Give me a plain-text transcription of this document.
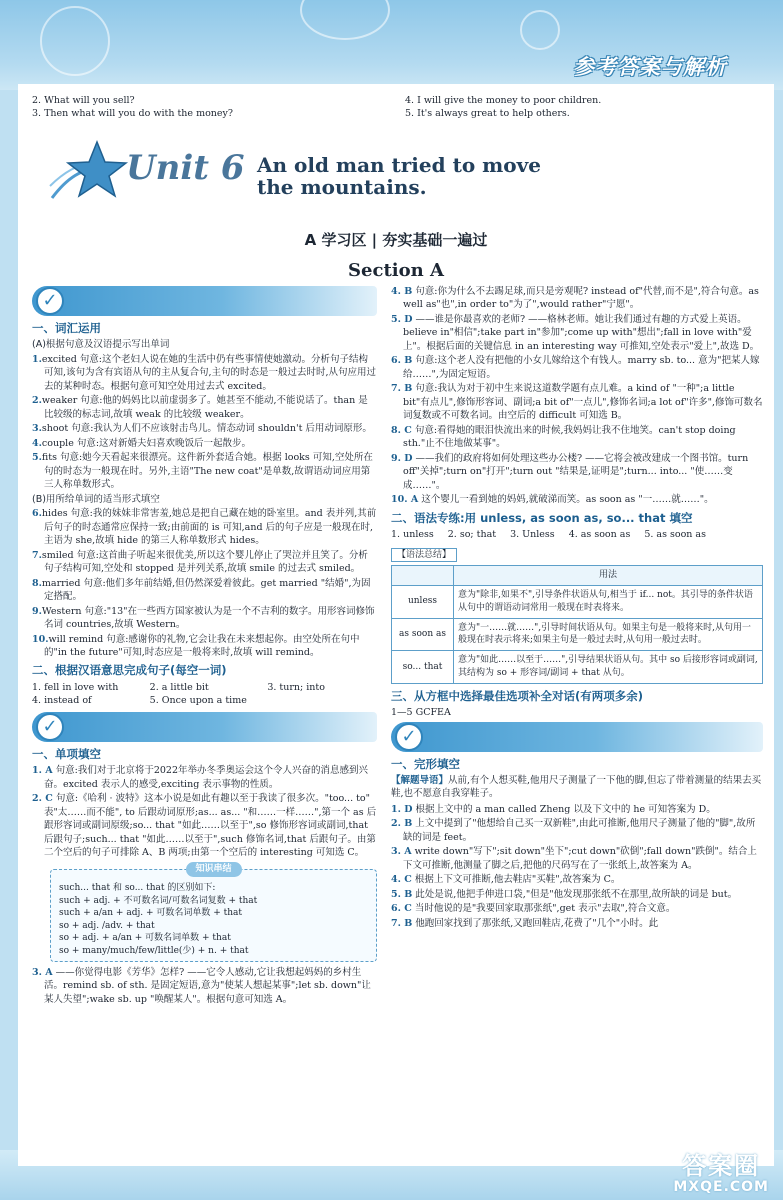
参考答案与解析
2. What will you sell?
3. Then what will you do with the money?
4. I will give the money to poor children.
5. It's always great to help others.
Unit 6 An old man tried to move
the mountains.
A 学习区 | 夯实基础一遍过
Section A
✓
一、词汇运用
(A)根据句意及汉语提示写出单词
1.excited 句意:这个老妇人说在她的生活中仍有些事情使她激动。分析句子结构可知,该句为含有宾语从句的主从复合句,主句的时态是一般过去时时,从句应用过去的某种时态。根据句意可知空处用过去式 excited。
2.weaker 句意:他的妈妈比以前虚弱多了。她甚至不能动,不能说话了。than 是比较级的标志词,故填 weak 的比较级 weaker。
3.shoot 句意:我认为人们不应该射击鸟儿。情态动词 shouldn't 后用动词原形。
4.couple 句意:这对新婚夫妇喜欢晚饭后一起散步。
5.fits 句意:她今天看起来很漂亮。这件新外套适合她。根据 looks 可知,空处所在句的时态为一般现在时。另外,主语"The new coat"是单数,故谓语动词应用第三人称单数形式。
(B)用所给单词的适当形式填空
6.hides 句意:我的妹妹非常害羞,她总是把自己藏在她的卧室里。and 表并列,其前后句子的时态通常应保持一致;由前面的 is 可知,and 后的句子应是一般现在时,主语为 she,故填 hide 的第三人称单数形式 hides。
7.smiled 句意:这首曲子听起来很优美,所以这个婴儿停止了哭泣并且笑了。分析句子结构可知,空处和 stopped 是并列关系,故填 smile 的过去式 smiled。
8.married 句意:他们多年前结婚,但仍然深爱着彼此。get married "结婚",为固定搭配。
9.Western 句意:"13"在一些西方国家被认为是一个不吉利的数字。用形容词修饰名词 countries,故填 Western。
10.will remind 句意:感谢你的礼物,它会让我在未来想起你。由空处所在句中的"in the future"可知,时态应是一般将来时,故填 will remind。
二、根据汉语意思完成句子(每空一词)
1. fell in love with	2. a little bit	3. turn; into
4. instead of	5. Once upon a time
✓
一、单项填空
1. A 句意:我们对于北京将于2022年举办冬季奥运会这个令人兴奋的消息感到兴奋。excited 表示人的感受,exciting 表示事物的性质。
2. C 句意:《哈利 · 波特》这本小说是如此有趣以至于我读了很多次。"too... to" 表"太……而不能", to 后跟动词原形;as... as... "和……一样……",第一个 as 后跟形容词或副词原级;so... that "如此……以至于",so 修饰形容词或副词,that 后跟句子;such... that "如此……以至于",such 修饰名词,that 后跟句子。由第二个空后的句子可排除 A、B 两项;由第一个空后的 interesting 可知选 C。
知识串结
such... that 和 so... that 的区别如下:
such + adj. + 不可数名词/可数名词复数 + that
such + a/an + adj. + 可数名词单数 + that
so + adj. /adv. + that
so + adj. + a/an + 可数名词单数 + that
so + many/much/few/little(少) + n. + that
3. A ——你觉得电影《芳华》怎样? ——它令人感动,它让我想起妈妈的乡村生活。remind sb. of sth. 是固定短语,意为"使某人想起某事";let sb. down"让某人失望";wake sb. up "唤醒某人"。根据句意可知选 A。
4. B 句意:你为什么不去踢足球,而只是旁观呢? instead of"代替,而不是",符合句意。as well as"也",in order to"为了",would rather"宁愿"。
5. D ——谁是你最喜欢的老师? ——格林老师。她让我们通过有趣的方式爱上英语。believe in"相信";take part in"参加";come up with"想出";fall in love with"爱上"。根据后面的关键信息 in an interesting way 可推知,空处表示"爱上",故选 D。
6. B 句意:这个老人没有把他的小女儿嫁给这个有钱人。marry sb. to... 意为"把某人嫁给……",为固定短语。
7. B 句意:我认为对于初中生来说这道数学题有点儿难。a kind of "一种";a little bit"有点儿",修饰形容词、副词;a bit of"一点儿",修饰名词;a lot of"许多",修饰可数名词复数或不可数名词。由空后的 difficult 可知选 B。
8. C 句意:看得她的眼泪快流出来的时候,我妈妈让我不住地笑。can't stop doing sth."止不住地做某事"。
9. D ——我们的政府将如何处理这些办公楼? ——它将会被改建成一个图书馆。turn off"关掉";turn on"打开";turn out "结果是,证明是";turn... into... "使……变成……"。
10. A 这个婴儿一看到她的妈妈,就破涕而笑。as soon as "一……就……"。
二、语法专练:用 unless, as soon as, so... that 填空
1. unless 2. so; that 3. Unless 4. as soon as 5. as soon as
【语法总结】
	用法
unless	意为"除非,如果不",引导条件状语从句,相当于 if... not。其引导的条件状语从句中的谓语动词常用一般现在时表将来。
as soon as	意为"一……就……",引导时间状语从句。如果主句是一般将来时,从句用一般现在时表示将来;如果主句是一般过去时,从句用一般过去时。
so... that	意为"如此……以至于……",引导结果状语从句。其中 so 后接形容词或副词,其结构为 so + 形容词/副词 + that 从句。
三、从方框中选择最佳选项补全对话(有两项多余)
1—5 GCFEA
✓
一、完形填空
【解题导语】从前,有个人想买鞋,他用尺子测量了一下他的脚,但忘了带着测量的结果去买鞋,也不愿意自我穿鞋子。
1. D 根据上文中的 a man called Zheng 以及下文中的 he 可知答案为 D。
2. B 上文中提到了"他想给自己买一双新鞋",由此可推断,他用尺子测量了他的"脚",故所缺的词是 feet。
3. A write down"写下";sit down"坐下";cut down"砍倒";fall down"跌倒"。结合上下文可推断,他测量了脚之后,把他的尺码写在了一张纸上,故答案为 A。
4. C 根据上下文可推断,他去鞋店"买鞋",故答案为 C。
5. B 此处是说,他把手伸进口袋,"但是"他发现那张纸不在那里,故所缺的词是 but。
6. C 当时他说的是"我要回家取那张纸",get 表示"去取",符合文意。
7. B 他跑回家找到了那张纸,又跑回鞋店,花费了"几个"小时。此
答案圈
MXQE.COM
